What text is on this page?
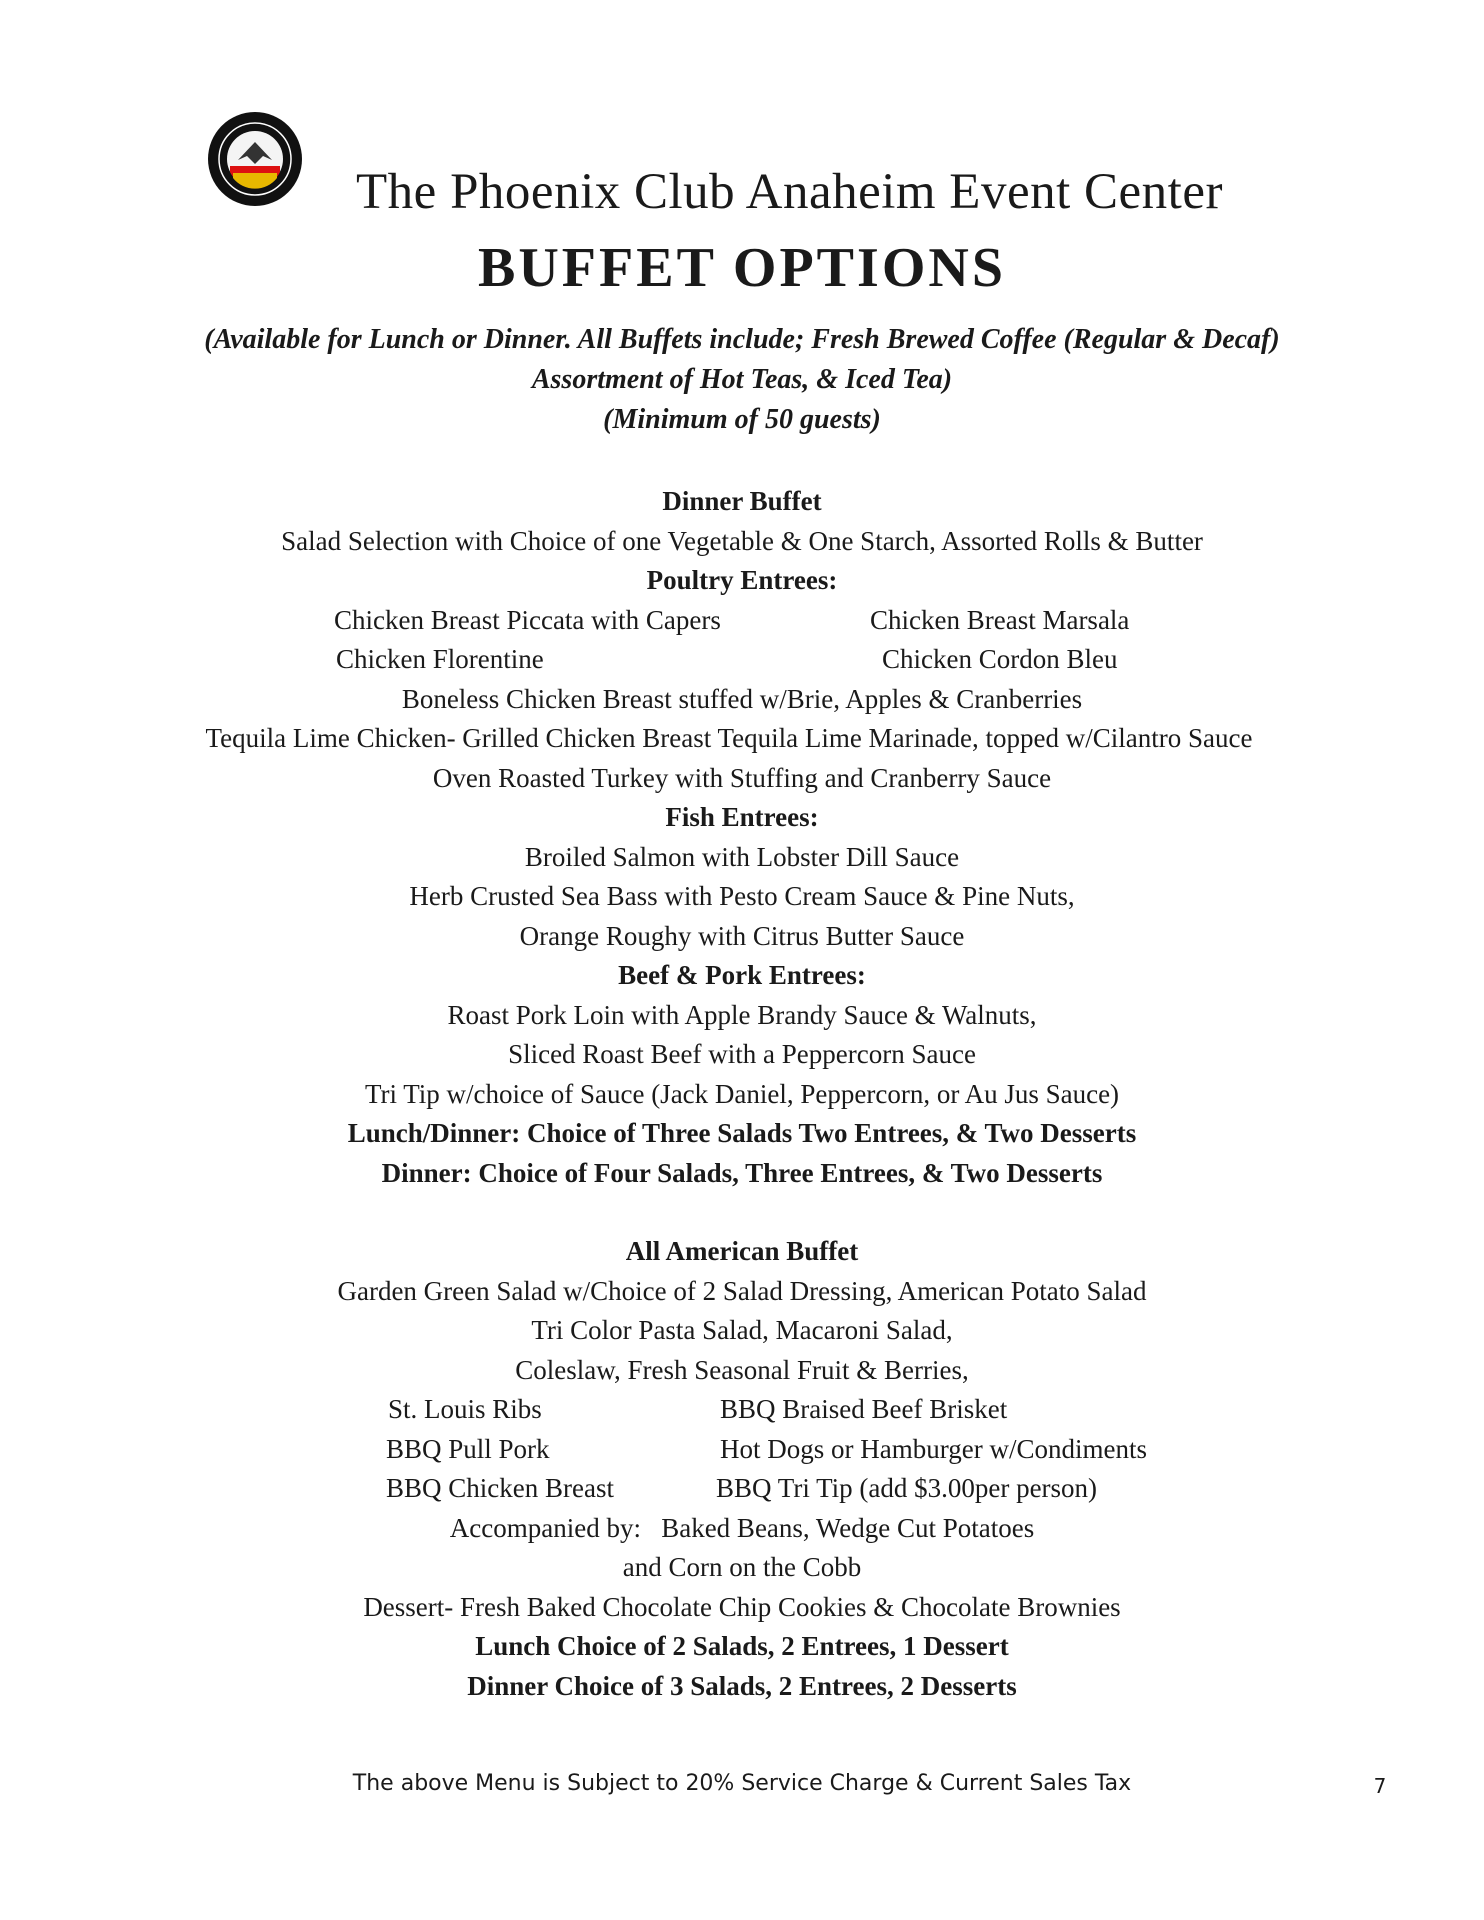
The Phoenix Club Anaheim Event Center
BUFFET OPTIONS
(Available for Lunch or Dinner. All Buffets include; Fresh Brewed Coffee (Regular & Decaf)
Assortment of Hot Teas, & Iced Tea)
(Minimum of 50 guests)
Dinner Buffet
Salad Selection with Choice of one Vegetable & One Starch, Assorted Rolls & Butter
Poultry Entrees:
Chicken Breast Piccata with Capers	Chicken Breast Marsala
Chicken Florentine	Chicken Cordon Bleu
Boneless Chicken Breast stuffed w/Brie, Apples & Cranberries
Tequila Lime Chicken- Grilled Chicken Breast Tequila Lime Marinade, topped w/Cilantro Sauce
Oven Roasted Turkey with Stuffing and Cranberry Sauce
Fish Entrees:
Broiled Salmon with Lobster Dill Sauce
Herb Crusted Sea Bass with Pesto Cream Sauce & Pine Nuts,
Orange Roughy with Citrus Butter Sauce
Beef & Pork Entrees:
Roast Pork Loin with Apple Brandy Sauce & Walnuts,
Sliced Roast Beef with a Peppercorn Sauce
Tri Tip w/choice of Sauce (Jack Daniel, Peppercorn, or Au Jus Sauce)
Lunch/Dinner: Choice of Three Salads Two Entrees, & Two Desserts
Dinner: Choice of Four Salads, Three Entrees, & Two Desserts
All American Buffet
Garden Green Salad w/Choice of 2 Salad Dressing, American Potato Salad
Tri Color Pasta Salad, Macaroni Salad,
Coleslaw, Fresh Seasonal Fruit & Berries,
St. Louis Ribs	BBQ Braised Beef Brisket
BBQ Pull Pork	Hot Dogs or Hamburger w/Condiments
BBQ Chicken Breast	BBQ Tri Tip (add $3.00per person)
Accompanied by:   Baked Beans, Wedge Cut Potatoes
and Corn on the Cobb
Dessert- Fresh Baked Chocolate Chip Cookies & Chocolate Brownies
Lunch Choice of 2 Salads, 2 Entrees, 1 Dessert
Dinner Choice of 3 Salads, 2 Entrees, 2 Desserts
The above Menu is Subject to 20% Service Charge & Current Sales Tax	7
